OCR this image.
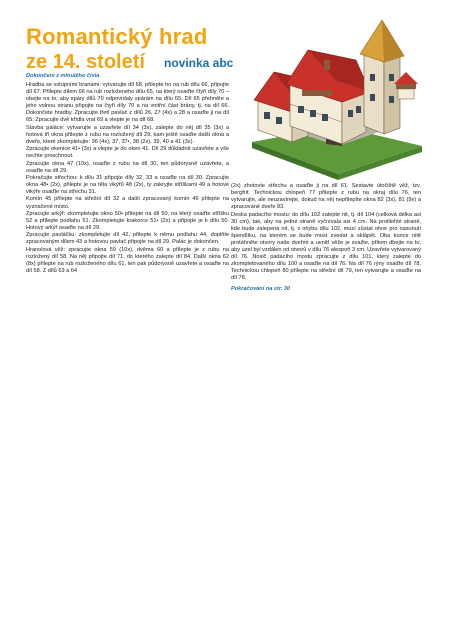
Romantický hrad
ze 14. století novinka abc
Dokončení z minulého čísla

Hradba se vstupními branami: vytvarujte díl 68, přilepte ho na rub dílu 66, připojte díl 67. Přilepte dílem 66 na rub rozloženého dílu 65, na který osaďte čtyři díly 70 – obejte na to, aby spáry dílů 70 odpovídaly spárám na dílu 65. Díl 65 přehněte a jeho volnou stranu připojte na čtyři díly 70 a na vnitřní část brány, tj. na díl 66. Dokončete hradby. Zpracujte třetí pavlač z dílů 26, 27 (4x) a 28 a osaďte ji na díl 65. Zpracujte dvě křídla vrat 69 a vlepte je na díl 68.

Stavba paláce: vytvarujte a uzavřete díl 34 (3x), zalepte do něj díl 35 (3x) a hotová tři okna přilepte z rubu na rozložený díl 29, kam ještě osaďte další okna a dveře, které zkompletujte: 36 (4x), 37, 37•, 38 (2x), 39, 40 a 41 (3x).

Zpracujte okenice 41• (3x) a vlepte je do oken 41. Díl 29 důkladně uzavřete a vše nechte proschnout.

Zpracujte okna 47 (10x), osaďte z rubu na díl 30, ten půdorysně uzavřete, a osaďte na díl 29.

Pokračujte střechou: k dílu 31 připojte díly 32, 33 a osaďte na díl 30. Zpracujte okna 48• (2x), přilepte je na těla vikýřů 48 (2x), ty zakryjte stříškami 49 a hotové vikýře osaďte na střechu 31.

Komín 45 přilepte na střešní díl 32 a další zpracovaný komín 46 přilepte na vyznačené místo.

Zpracujte arkýř: zkompletujte okno 50• přilepte na díl 50, na který osaďte stříšku 52 a přilepte podlahu 51. Zkompletujte krakorce 51• (2x) a připojte je k dílu 50. Hotový arkýř osaďte na díl 29.

Zpracujte pavláčku: zkompletujte díl 42, přilepte k němu podlahu 44, doplňte zpracovaným dílem 43 a hotovou pavlač připojte na díl 29. Palác je dokončen.

Hranolová věž: zpracujte okna 59 (10x), dvěma 60 a přilepte je z rubu na rozložený díl 58. Na něj připojte díl 71, do kterého zalepte díl 84. Další okna 62 (8x) přilepte na rub rozloženého dílu 61, ten pak půdorysně uzavřete a osaďte na díl 58. Z dílů 63 a 64

(2x) zhotovte střechu a osaďte ji na díl 61. Sestavte útočiště věž, tzv. bergfrit. Technickou chlopeň 77 přilepte z rubu na okraj dílu 76, ten vytvarujte, ale neuzavírejte, dokud na něj nepřilepíte okna 82 (3x), 81 (9x) a zpracované dveře 83.

Deska padacího mostu: do dílu 102 zalepte nit, tj. díl 104 (celková délka asi 30 cm), tak, aby na jedné straně vyčnívala asi 4 cm. Na protilehlé straně, kde bude zalepena nit, tj. v ohybu dílu 102, musí zůstat otvor pro nasunutí špendlíku, na kterém se bude most zvedat a sklápět. Oba konce nitě protáhněte otvory nade dveřmi a uvnitř věže je svažte, přitom dbejte na to, aby uzel byl vzdálen od otvorů v dílu 76 alespoň 3 cm. Uzavřete vytvarovaný díl 76. Nosič padacího mostu zpracujte z dílu 101, který zalepte do zkompletovaného dílu 100 a osaďte na díl 76. Na díl 76 rýny osaďte díl 78. Technickou chlopeň 80 přilepte na střešní díl 79, ten vytvarujte a osaďte na díl 78.

Pokračování na str. 30
